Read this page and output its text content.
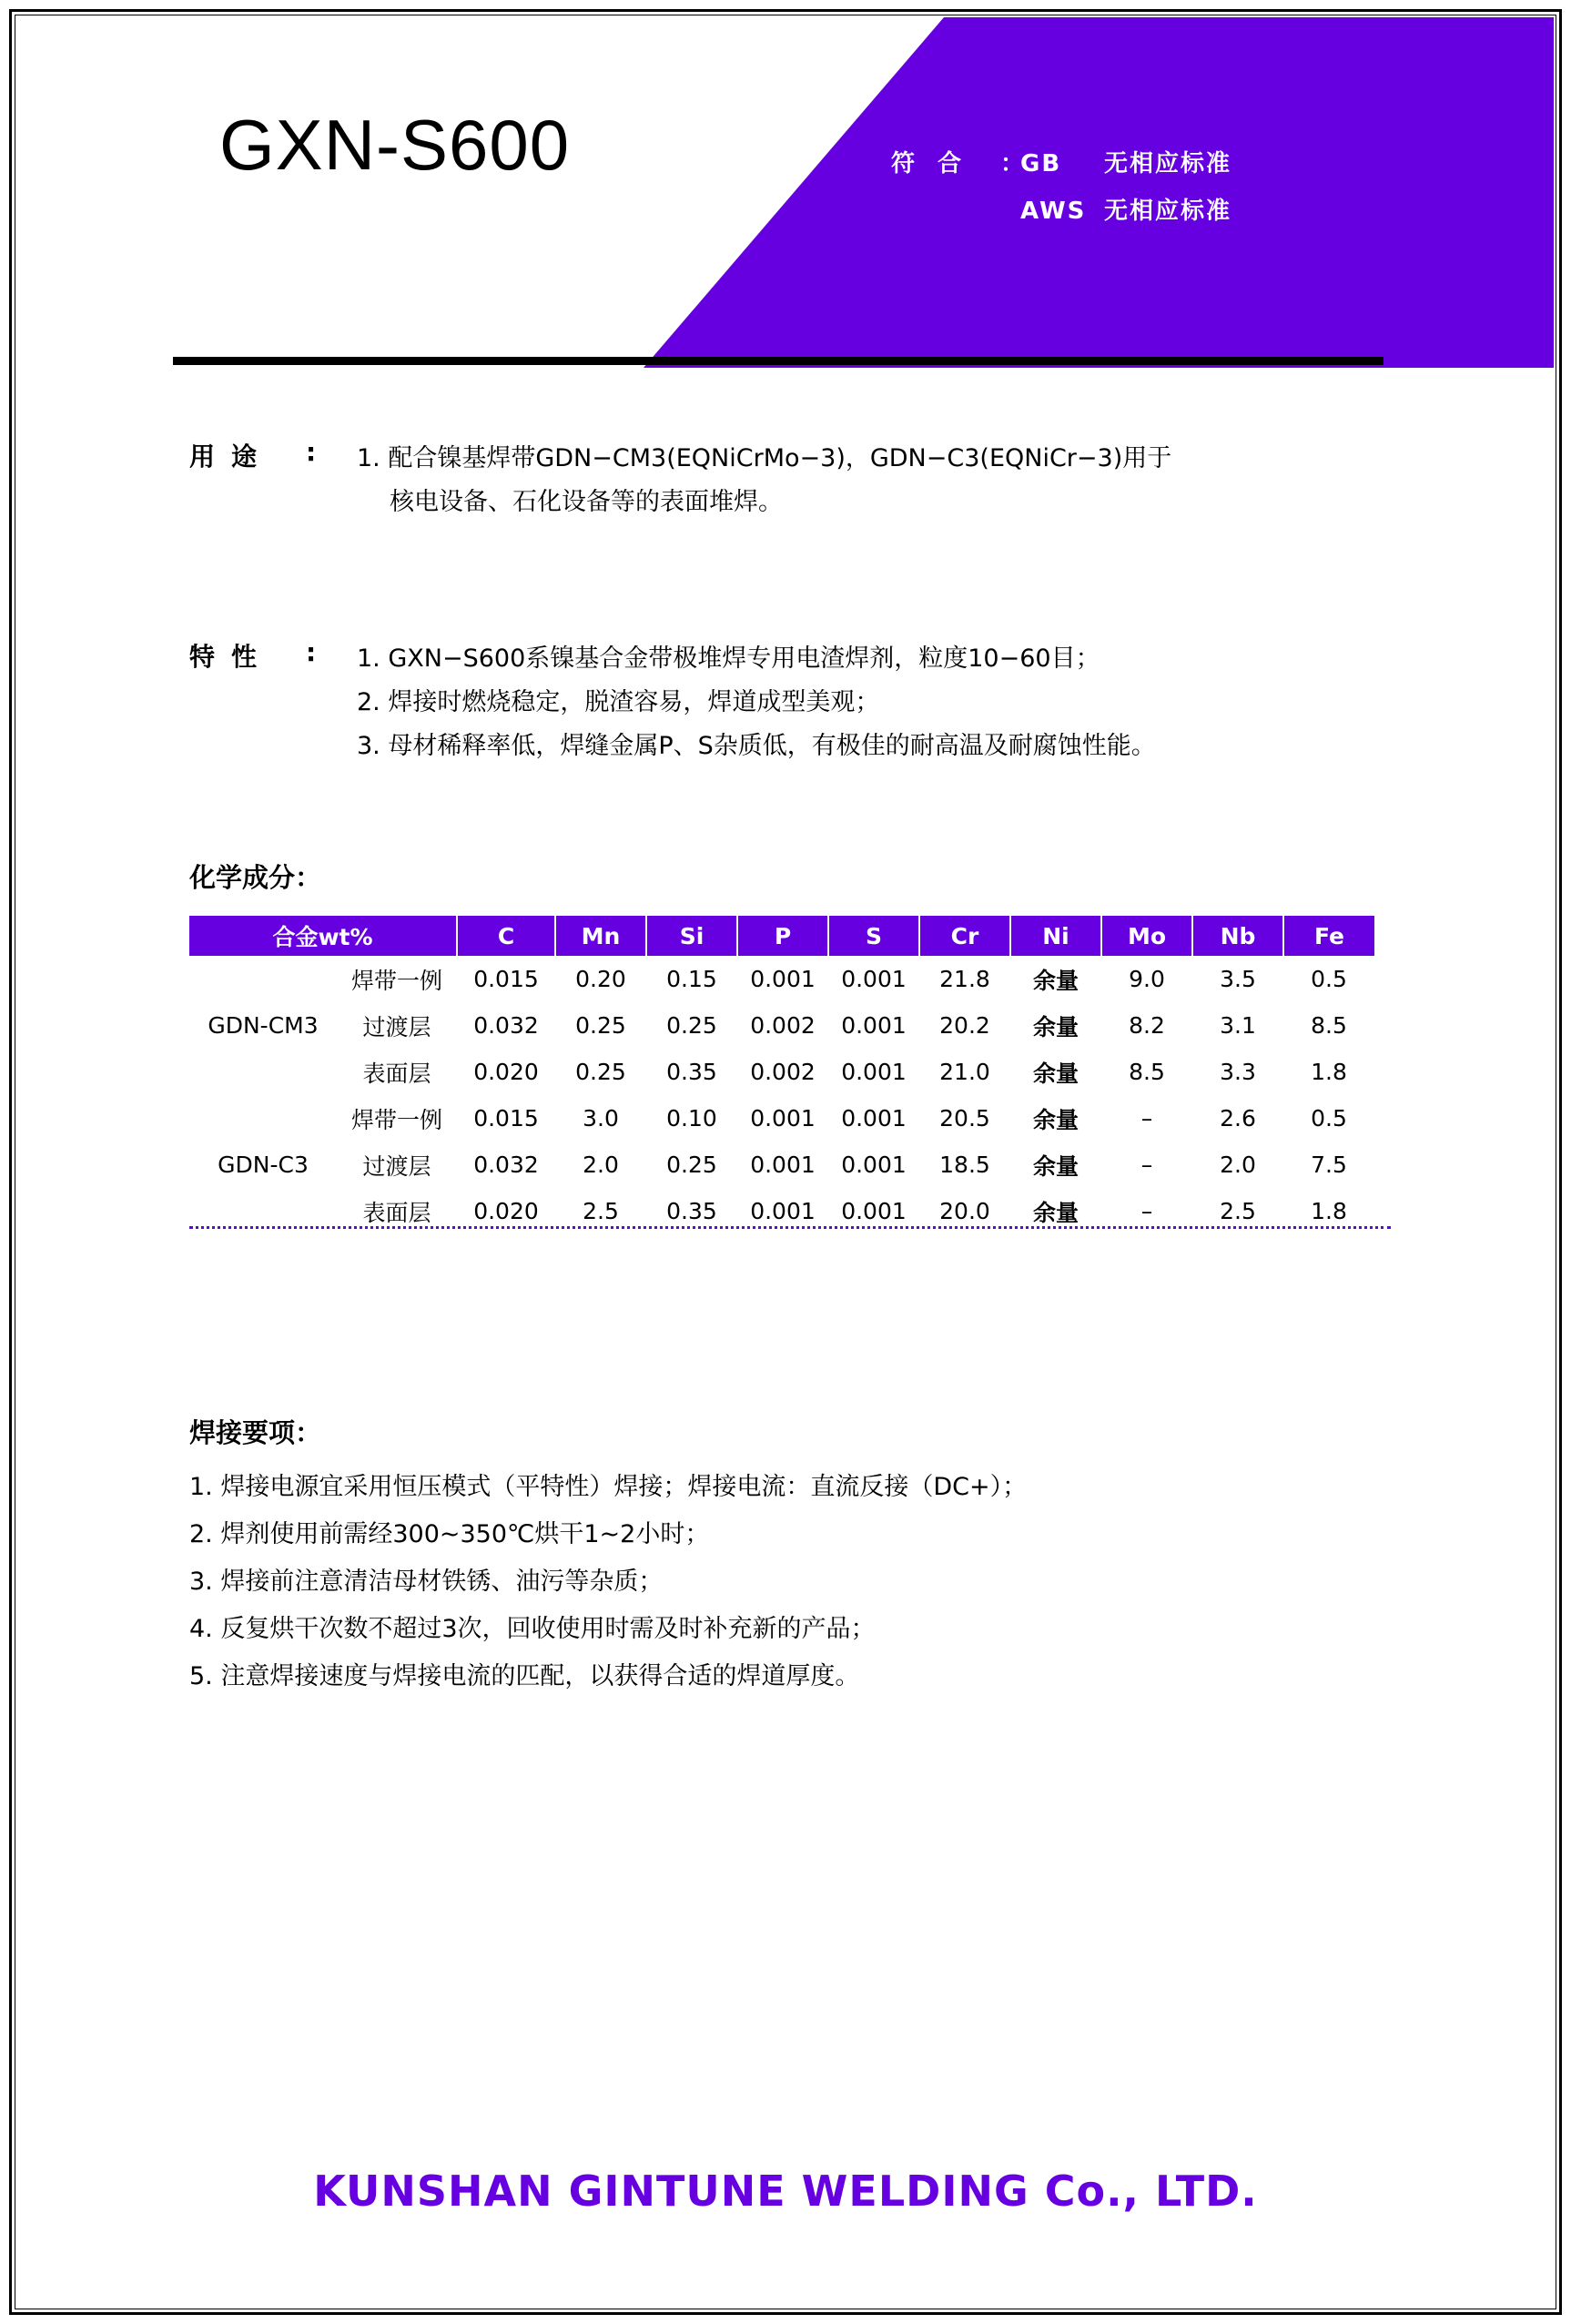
GXN-S600	符 合	：
GB	无相应标准
AWS 无相应标准
用途 : 1. 配合镍基焊带GDN−CM3(EQNiCrMo−3)，GDN−C3(EQNiCr−3)用于
核电设备、石化设备等的表面堆焊。
特性 : 1. GXN−S600系镍基合金带极堆焊专用电渣焊剂，粒度10−60目；
2. 焊接时燃烧稳定，脱渣容易，焊道成型美观；
3. 母材稀释率低，焊缝金属P、S杂质低，有极佳的耐高温及耐腐蚀性能。
化学成分：
合金wt%		C	Mn	Si	P	S	Cr	Ni	Mo	Nb	Fe
GDN-CM3	焊带一例	0.015	0.20	0.15	0.001	0.001	21.8	余量	9.0	3.5	0.5
	过渡层	0.032	0.25	0.25	0.002	0.001	20.2	余量	8.2	3.1	8.5
	表面层	0.020	0.25	0.35	0.002	0.001	21.0	余量	8.5	3.3	1.8
GDN-C3	焊带一例	0.015	3.0	0.10	0.001	0.001	20.5	余量	–	2.6	0.5
	过渡层	0.032	2.0	0.25	0.001	0.001	18.5	余量	–	2.0	7.5
	表面层	0.020	2.5	0.35	0.001	0.001	20.0	余量	–	2.5	1.8
焊接要项：
1. 焊接电源宜采用恒压模式（平特性）焊接；焊接电流：直流反接（DC+）；
2. 焊剂使用前需经300~350℃烘干1~2小时；
3. 焊接前注意清洁母材铁锈、油污等杂质；
4. 反复烘干次数不超过3次，回收使用时需及时补充新的产品；
5. 注意焊接速度与焊接电流的匹配，以获得合适的焊道厚度。
KUNSHAN GINTUNE WELDING Co., LTD.
